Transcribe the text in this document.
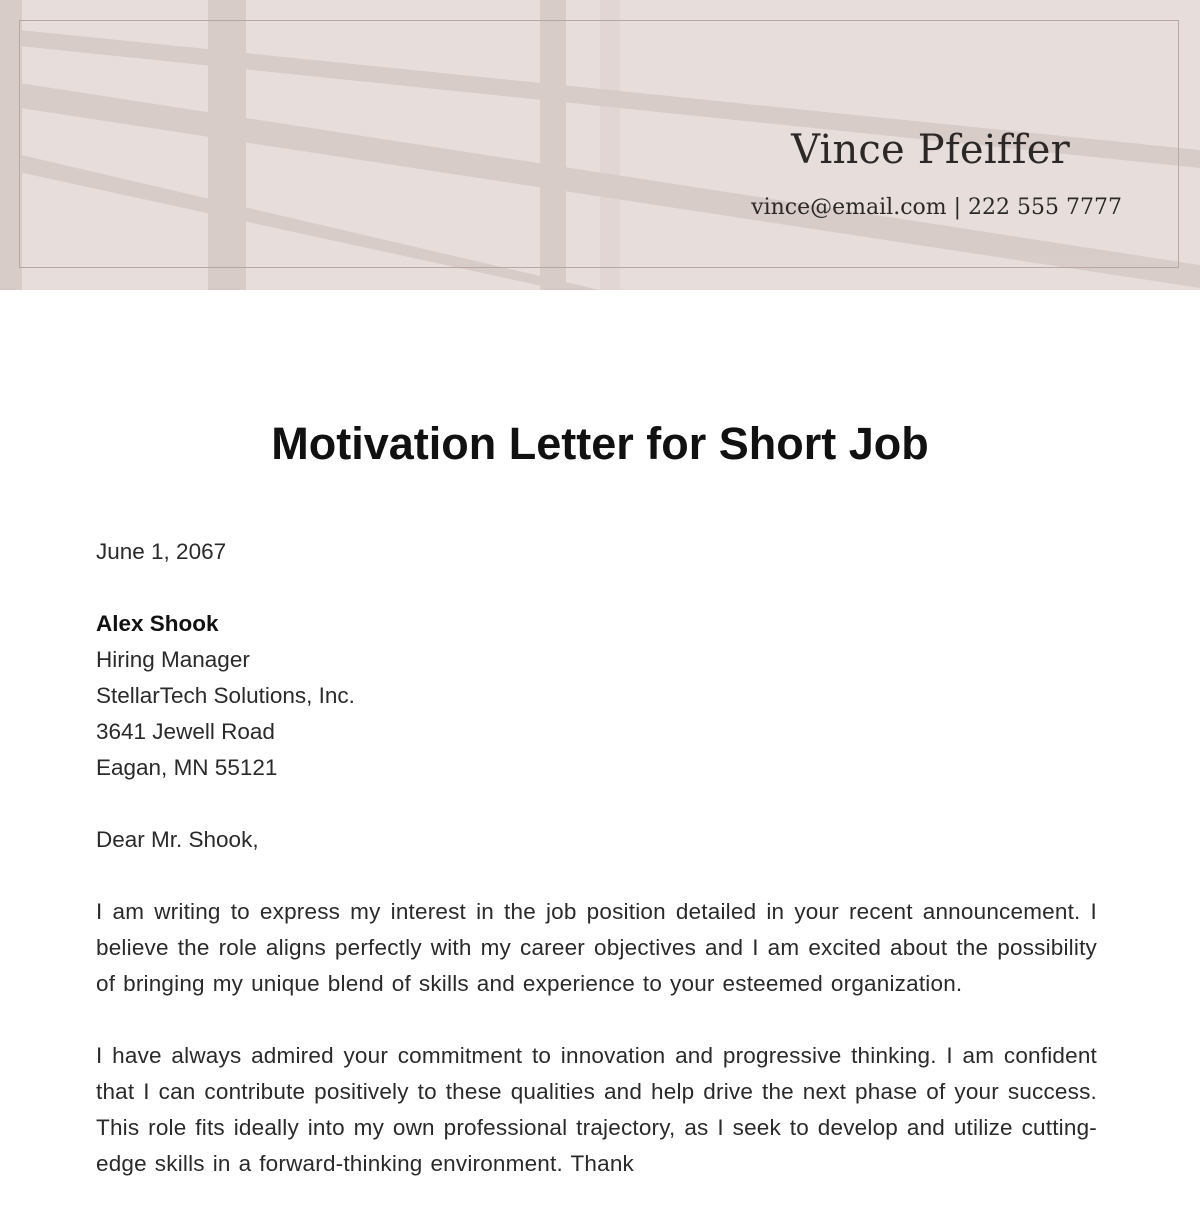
Vince Pfeiffer
vince@email.com | 222 555 7777
Motivation Letter for Short Job
June 1, 2067
Alex Shook
Hiring Manager
StellarTech Solutions, Inc.
3641 Jewell Road
Eagan, MN 55121
Dear Mr. Shook,

I am writing to express my interest in the job position detailed in your recent announcement. I believe the role aligns perfectly with my career objectives and I am excited about the possibility of bringing my unique blend of skills and experience to your esteemed organization.

I have always admired your commitment to innovation and progressive thinking. I am confident that I can contribute positively to these qualities and help drive the next phase of your success. This role fits ideally into my own professional trajectory, as I seek to develop and utilize cutting-edge skills in a forward-thinking environment. Thank
